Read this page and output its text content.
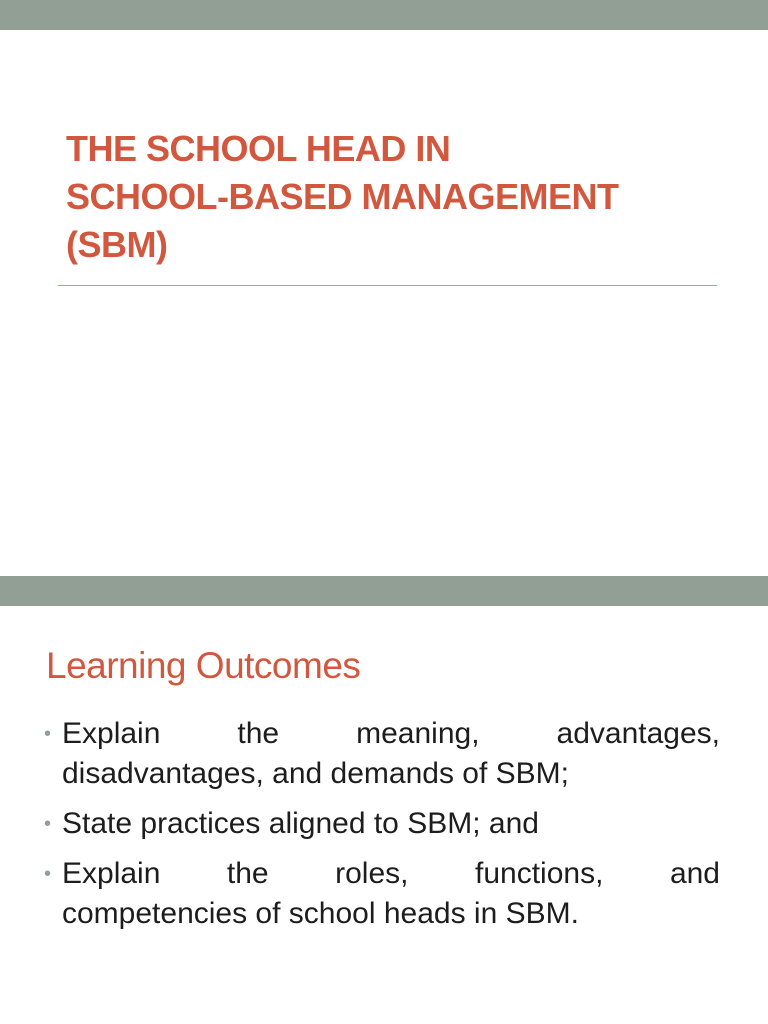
THE SCHOOL HEAD IN
SCHOOL-BASED MANAGEMENT
(SBM)
Learning Outcomes
• Explain the meaning, advantages,
disadvantages, and demands of SBM;
• State practices aligned to SBM; and
• Explain the roles, functions, and
competencies of school heads in SBM.
